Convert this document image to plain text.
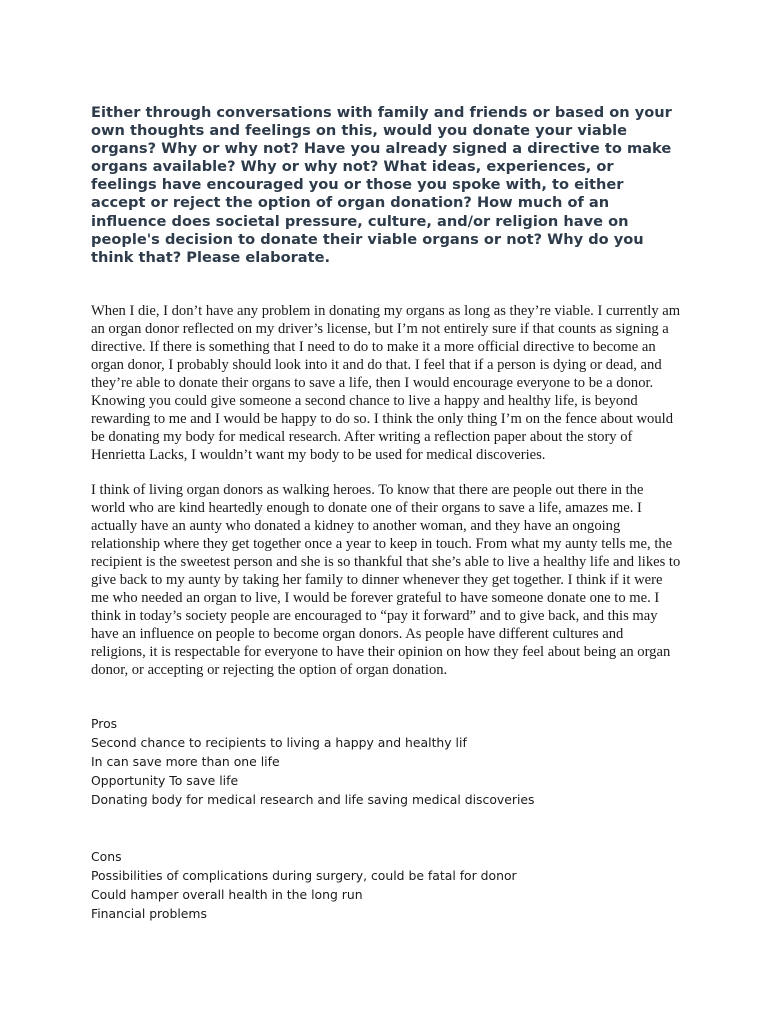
Either through conversations with family and friends or based on your own thoughts and feelings on this, would you donate your viable organs? Why or why not? Have you already signed a directive to make organs available? Why or why not? What ideas, experiences, or feelings have encouraged you or those you spoke with, to either accept or reject the option of organ donation? How much of an influence does societal pressure, culture, and/or religion have on people's decision to donate their viable organs or not? Why do you think that? Please elaborate.

When I die, I don’t have any problem in donating my organs as long as they’re viable. I currently am an organ donor reflected on my driver’s license, but I’m not entirely sure if that counts as signing a directive. If there is something that I need to do to make it a more official directive to become an organ donor, I probably should look into it and do that. I feel that if a person is dying or dead, and they’re able to donate their organs to save a life, then I would encourage everyone to be a donor. Knowing you could give someone a second chance to live a happy and healthy life, is beyond rewarding to me and I would be happy to do so. I think the only thing I’m on the fence about would be donating my body for medical research. After writing a reflection paper about the story of Henrietta Lacks, I wouldn’t want my body to be used for medical discoveries.

I think of living organ donors as walking heroes. To know that there are people out there in the world who are kind heartedly enough to donate one of their organs to save a life, amazes me. I actually have an aunty who donated a kidney to another woman, and they have an ongoing relationship where they get together once a year to keep in touch. From what my aunty tells me, the recipient is the sweetest person and she is so thankful that she’s able to live a healthy life and likes to give back to my aunty by taking her family to dinner whenever they get together. I think if it were me who needed an organ to live, I would be forever grateful to have someone donate one to me. I think in today’s society people are encouraged to “pay it forward” and to give back, and this may have an influence on people to become organ donors. As people have different cultures and religions, it is respectable for everyone to have their opinion on how they feel about being an organ donor, or accepting or rejecting the option of organ donation.

Pros
Second chance to recipients to living a happy and healthy lif
In can save more than one life
Opportunity To save life
Donating body for medical research and life saving medical discoveries
Cons
Possibilities of complications during surgery, could be fatal for donor
Could hamper overall health in the long run
Financial problems
